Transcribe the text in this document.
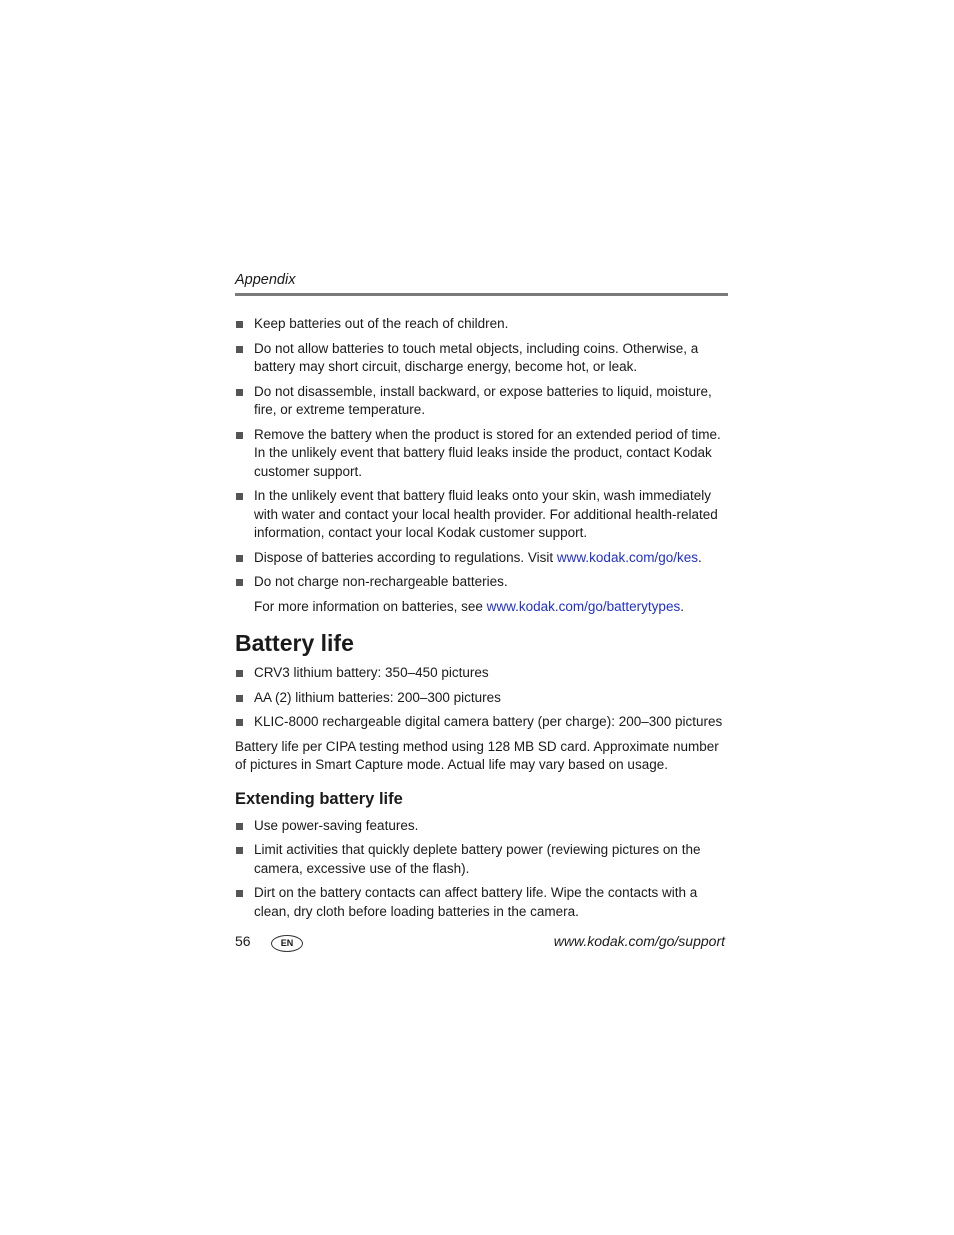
Appendix
Keep batteries out of the reach of children.
Do not allow batteries to touch metal objects, including coins. Otherwise, a battery may short circuit, discharge energy, become hot, or leak.
Do not disassemble, install backward, or expose batteries to liquid, moisture, fire, or extreme temperature.
Remove the battery when the product is stored for an extended period of time. In the unlikely event that battery fluid leaks inside the product, contact Kodak customer support.
In the unlikely event that battery fluid leaks onto your skin, wash immediately with water and contact your local health provider. For additional health-related information, contact your local Kodak customer support.
Dispose of batteries according to regulations. Visit www.kodak.com/go/kes.
Do not charge non-rechargeable batteries.

For more information on batteries, see www.kodak.com/go/batterytypes.

Battery life
CRV3 lithium battery: 350–450 pictures
AA (2) lithium batteries: 200–300 pictures
KLIC-8000 rechargeable digital camera battery (per charge): 200–300 pictures

Battery life per CIPA testing method using 128 MB SD card. Approximate number of pictures in Smart Capture mode. Actual life may vary based on usage.

Extending battery life
Use power-saving features.
Limit activities that quickly deplete battery power (reviewing pictures on the camera, excessive use of the flash).
Dirt on the battery contacts can affect battery life. Wipe the contacts with a clean, dry cloth before loading batteries in the camera.
56	EN	www.kodak.com/go/support
